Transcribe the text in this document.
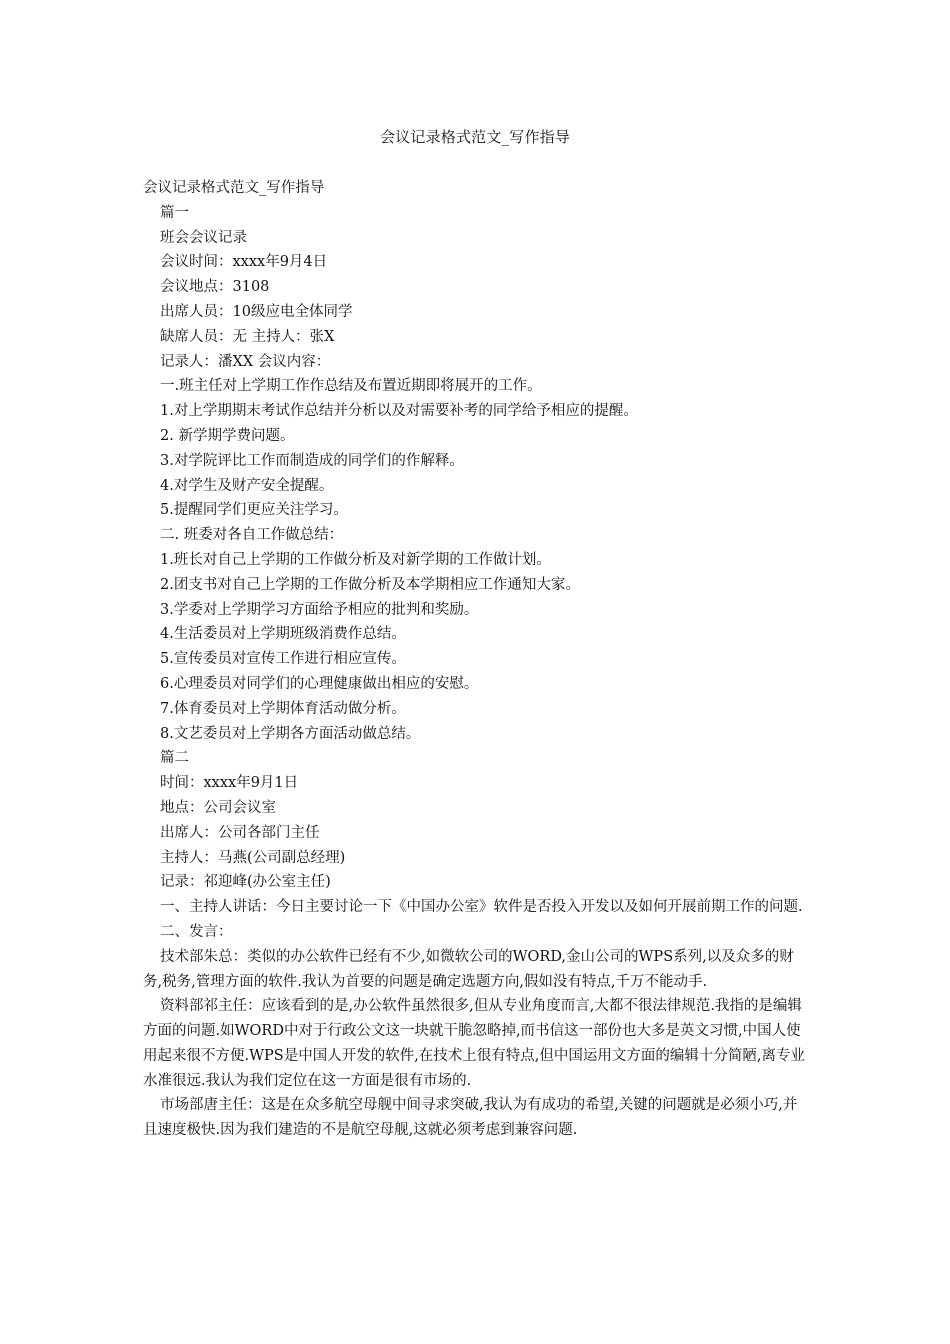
会议记录格式范文_写作指导

会议记录格式范文_写作指导

篇一

班会会议记录

会议时间：xxxx年9月4日

会议地点：3108

出席人员：10级应电全体同学

缺席人员：无 主持人：张X

记录人：潘XX 会议内容：

一.班主任对上学期工作作总结及布置近期即将展开的工作。

1.对上学期期末考试作总结并分析以及对需要补考的同学给予相应的提醒。

2. 新学期学费问题。

3.对学院评比工作而制造成的同学们的作解释。

4.对学生及财产安全提醒。

5.提醒同学们更应关注学习。

二. 班委对各自工作做总结：

1.班长对自己上学期的工作做分析及对新学期的工作做计划。

2.团支书对自己上学期的工作做分析及本学期相应工作通知大家。

3.学委对上学期学习方面给予相应的批判和奖励。

4.生活委员对上学期班级消费作总结。

5.宣传委员对宣传工作进行相应宣传。

6.心理委员对同学们的心理健康做出相应的安慰。

7.体育委员对上学期体育活动做分析。

8.文艺委员对上学期各方面活动做总结。

篇二

时间：xxxx年9月1日

地点：公司会议室

出席人：公司各部门主任

主持人：马燕(公司副总经理)

记录：祁迎峰(办公室主任)

一、主持人讲话：今日主要讨论一下《中国办公室》软件是否投入开发以及如何开展前期工作的问题.

二、发言：

技术部朱总：类似的办公软件已经有不少,如微软公司的WORD,金山公司的WPS系列,以及众多的财务,税务,管理方面的软件.我认为首要的问题是确定选题方向,假如没有特点,千万不能动手.

资料部祁主任：应该看到的是,办公软件虽然很多,但从专业角度而言,大都不很法律规范.我指的是编辑方面的问题.如WORD中对于行政公文这一块就干脆忽略掉,而书信这一部份也大多是英文习惯,中国人使用起来很不方便.WPS是中国人开发的软件,在技术上很有特点,但中国运用文方面的编辑十分简陋,离专业水准很远.我认为我们定位在这一方面是很有市场的.

市场部唐主任：这是在众多航空母舰中间寻求突破,我认为有成功的希望,关键的问题就是必须小巧,并且速度极快.因为我们建造的不是航空母舰,这就必须考虑到兼容问题.
